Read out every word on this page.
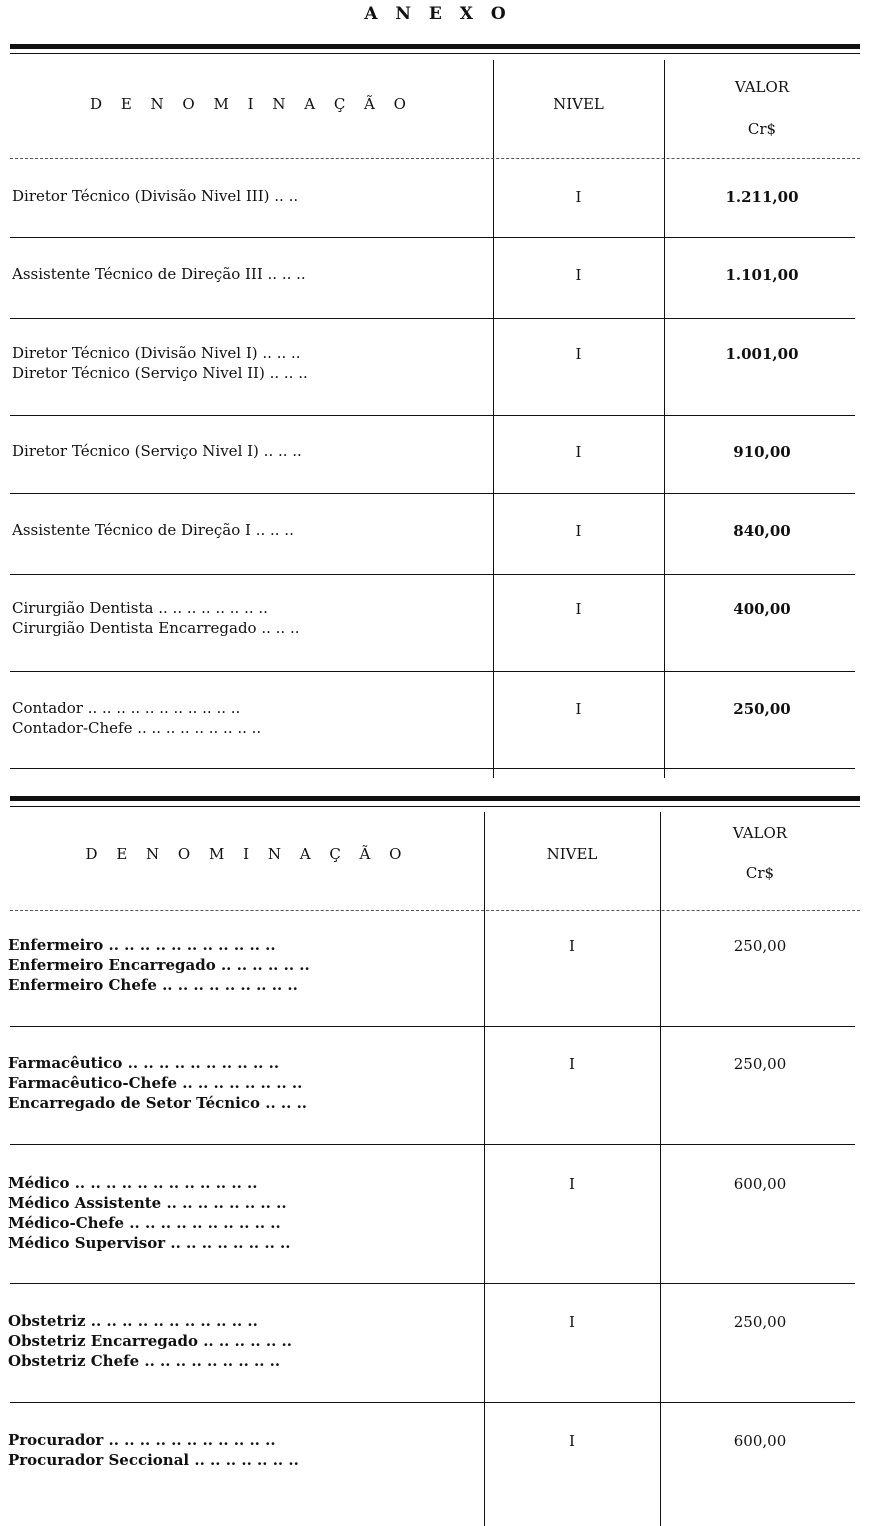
A N E X O
D E N O M I N A Ç Ã O	NIVEL
VALOR
Cr$
Diretor Técnico (Divisão Nivel III) .. ..	I	1.211,00
Assistente Técnico de Direção III .. .. ..	I	1.101,00
Diretor Técnico (Divisão Nivel I) .. .. ..
Diretor Técnico (Serviço Nivel II) .. .. ..
I	1.001,00
Diretor Técnico (Serviço Nivel I) .. .. ..	I	910,00
Assistente Técnico de Direção I .. .. ..	I	840,00
Cirurgião Dentista .. .. .. .. .. .. .. ..
Cirurgião Dentista Encarregado .. .. ..
I	400,00
Contador .. .. .. .. .. .. .. .. .. .. ..
Contador-Chefe .. .. .. .. .. .. .. .. ..
I	250,00
D E N O M I N A Ç Ã O	NIVEL
VALOR
Cr$
Enfermeiro .. .. .. .. .. .. .. .. .. .. ..
Enfermeiro Encarregado .. .. .. .. .. ..
Enfermeiro Chefe .. .. .. .. .. .. .. .. ..
I	250,00
Farmacêutico .. .. .. .. .. .. .. .. .. ..
Farmacêutico-Chefe .. .. .. .. .. .. .. ..
Encarregado de Setor Técnico .. .. ..
I	250,00
Médico .. .. .. .. .. .. .. .. .. .. .. ..
Médico Assistente .. .. .. .. .. .. .. ..
Médico-Chefe .. .. .. .. .. .. .. .. .. ..
Médico Supervisor .. .. .. .. .. .. .. ..
I	600,00
Obstetriz .. .. .. .. .. .. .. .. .. .. ..
Obstetriz Encarregado .. .. .. .. .. ..
Obstetriz Chefe .. .. .. .. .. .. .. .. ..
I	250,00
Procurador .. .. .. .. .. .. .. .. .. .. ..
Procurador Seccional .. .. .. .. .. .. ..
I	600,00
